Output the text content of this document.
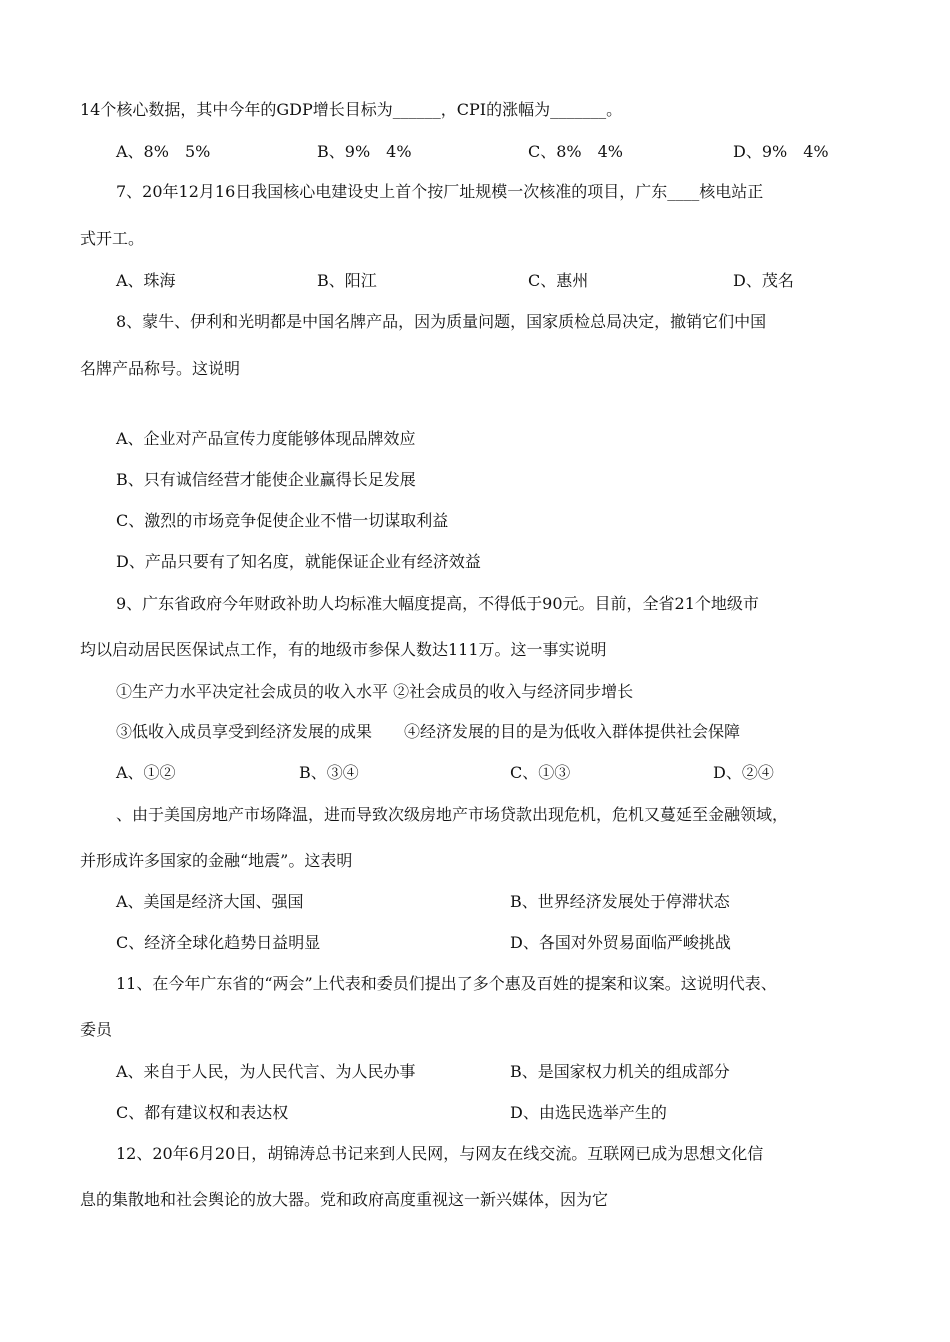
14个核心数据，其中今年的GDP增长目标为______，CPI的涨幅为_______。
A、8%　5%	B、9%　4%	C、8%　4%	D、9%　4%
7、20年12月16日我国核心电建设史上首个按厂址规模一次核准的项目，广东____核电站正
式开工。
A、珠海	B、阳江	C、惠州	D、茂名
8、蒙牛、伊利和光明都是中国名牌产品，因为质量问题，国家质检总局决定，撤销它们中国
名牌产品称号。这说明
A、企业对产品宣传力度能够体现品牌效应
B、只有诚信经营才能使企业赢得长足发展
C、激烈的市场竞争促使企业不惜一切谋取利益
D、产品只要有了知名度，就能保证企业有经济效益
9、广东省政府今年财政补助人均标准大幅度提高，不得低于90元。目前，全省21个地级市
均以启动居民医保试点工作，有的地级市参保人数达111万。这一事实说明
①生产力水平决定社会成员的收入水平 ②社会成员的收入与经济同步增长
③低收入成员享受到经济发展的成果　　④经济发展的目的是为低收入群体提供社会保障
A、①②	B、③④	C、①③	D、②④
、由于美国房地产市场降温，进而导致次级房地产市场贷款出现危机，危机又蔓延至金融领域，
并形成许多国家的金融“地震”。这表明
A、美国是经济大国、强国	B、世界经济发展处于停滞状态
C、经济全球化趋势日益明显	D、各国对外贸易面临严峻挑战
11、在今年广东省的“两会”上代表和委员们提出了多个惠及百姓的提案和议案。这说明代表、
委员
A、来自于人民，为人民代言、为人民办事	B、是国家权力机关的组成部分
C、都有建议权和表达权	D、由选民选举产生的
12、20年6月20日，胡锦涛总书记来到人民网，与网友在线交流。互联网已成为思想文化信
息的集散地和社会舆论的放大器。党和政府高度重视这一新兴媒体，因为它
